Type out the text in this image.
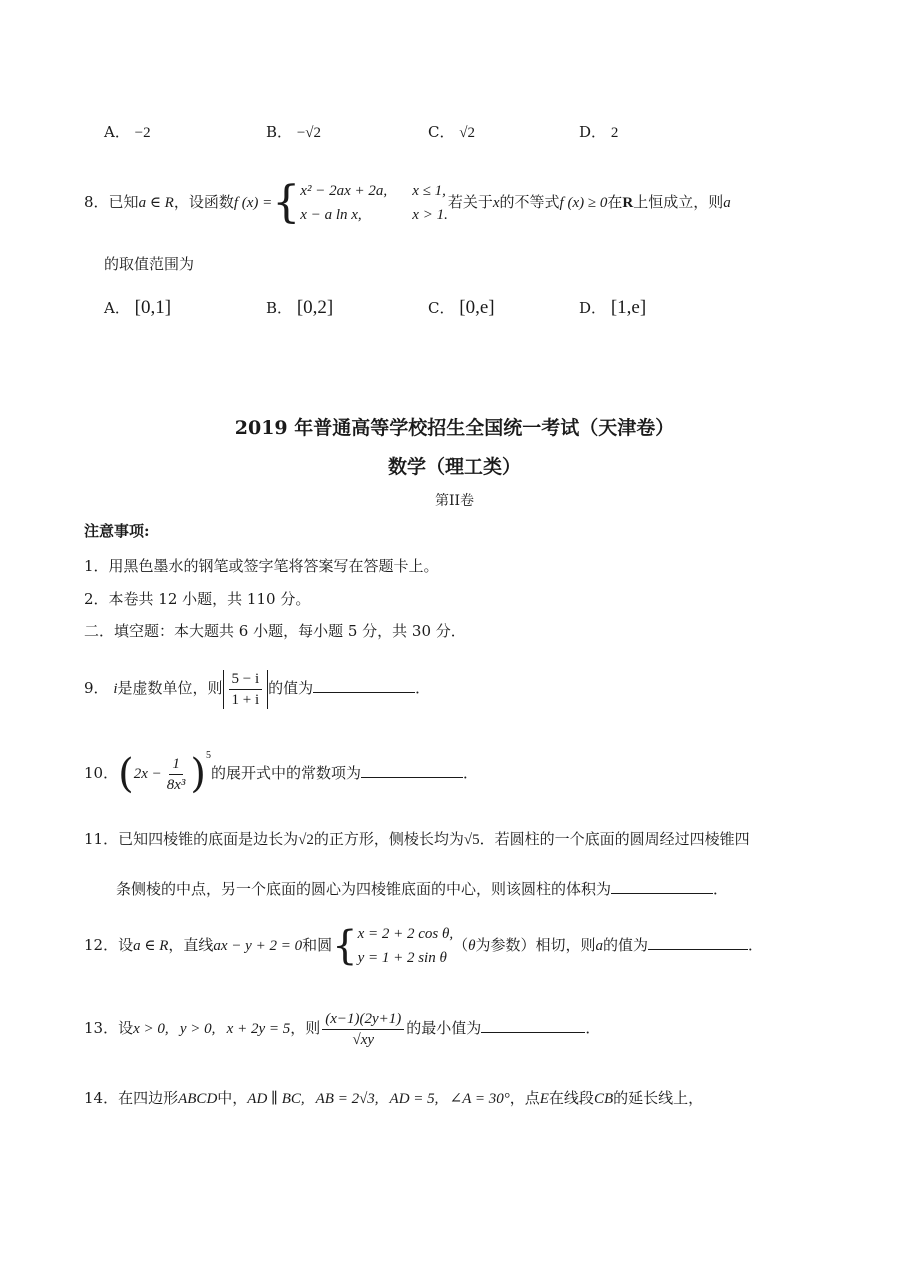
A． −2	B． −√2	C． √2	D． 2
8．已知a ∈ R，设函数f (x) ={ x² − 2ax + 2a, x ≤ 1,
x − a ln x,	x > 1.
若关于x的不等式f (x) ≥ 0在R上恒成立，则a
的取值范围为
A． [0,1]	B． [0,2]	C． [0,e]	D． [1,e]
2019 年普通高等学校招生全国统一考试（天津卷）
数学（理工类）
第II卷
注意事项:
1．用黑色墨水的钢笔或签字笔将答案写在答题卡上。
2．本卷共 12 小题，共 110 分。
二．填空题：本大题共 6 小题，每小题 5 分，共 30 分．
9． i是虚数单位，则 $\frac{5 - i}{1 + i}$ 的值为	．
10．$(2x - \frac{1}{\text{8x³}} )^5$的展开式中的常数项为	．
11．已知四棱锥的底面是边长为√2的正方形，侧棱长均为√5．若圆柱的一个底面的圆周经过四棱锥四
条侧棱的中点，另一个底面的圆心为四棱锥底面的中心，则该圆柱的体积为	．
12．设a ∈ R，直线ax − y + 2 = 0和圆{ x = 2 + 2 cos θ,
y = 1 + 2 sin θ
（θ为参数）相切，则a的值为	．
13．设x > 0,   y > 0,   x + 2y = 5，则 $\frac{(x-1)(2y+1)}{√xy}$ 的最小值为	．
14．在四边形ABCD中，AD ∥ BC,   AB = 2√3,   AD = 5,   ∠A = 30°，点E在线段CB的延长线上，
